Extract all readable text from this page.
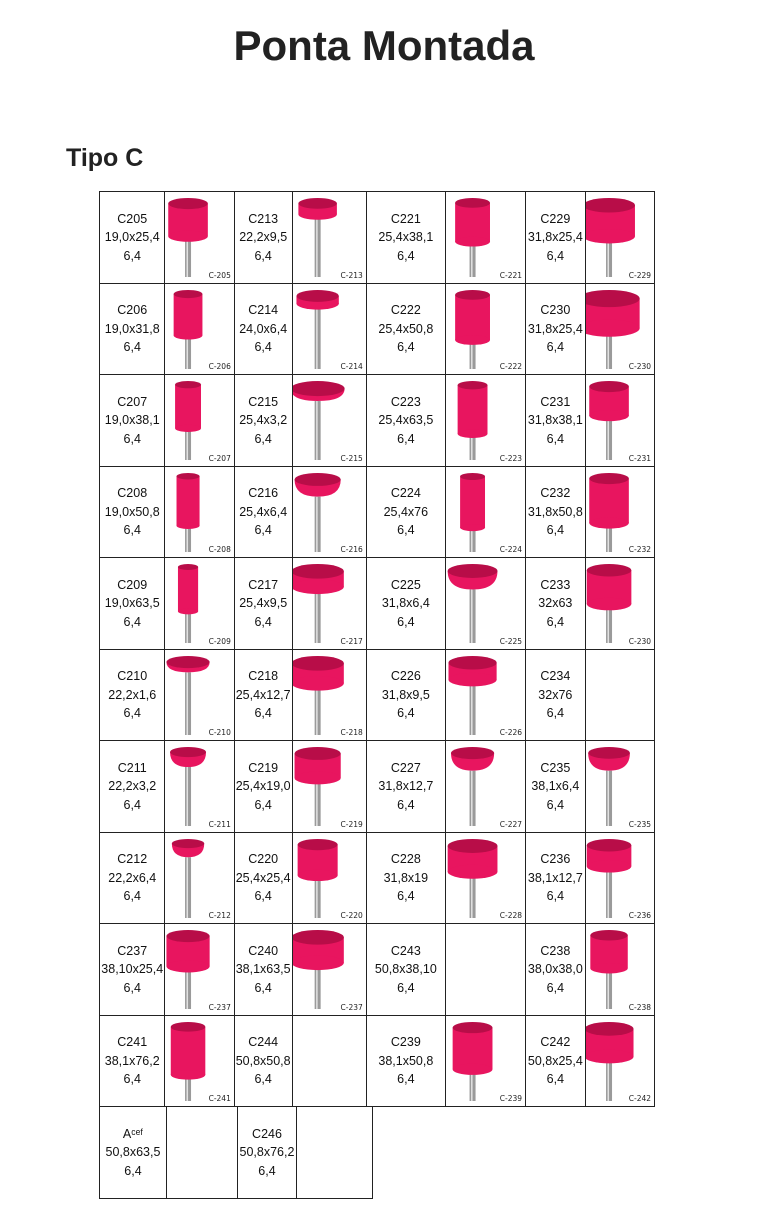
Ponta Montada
Tipo C
C205
19,0x25,4
6,4
C-205
C213
22,2x9,5
6,4
C-213
C221
25,4x38,1
6,4
C-221
C229
31,8x25,4
6,4
C-229
C206
19,0x31,8
6,4
C-206
C214
24,0x6,4
6,4
C-214
C222
25,4x50,8
6,4
C-222
C230
31,8x25,4
6,4
C-230
C207
19,0x38,1
6,4
C-207
C215
25,4x3,2
6,4
C-215
C223
25,4x63,5
6,4
C-223
C231
31,8x38,1
6,4
C-231
C208
19,0x50,8
6,4
C-208
C216
25,4x6,4
6,4
C-216
C224
25,4x76
6,4
C-224
C232
31,8x50,8
6,4
C-232
C209
19,0x63,5
6,4
C-209
C217
25,4x9,5
6,4
C-217
C225
31,8x6,4
6,4
C-225
C233
32x63
6,4
C-230
C210
22,2x1,6
6,4
C-210
C218
25,4x12,7
6,4
C-218
C226
31,8x9,5
6,4
C-226
C234
32x76
6,4
C211
22,2x3,2
6,4
C-211
C219
25,4x19,0
6,4
C-219
C227
31,8x12,7
6,4
C-227
C235
38,1x6,4
6,4
C-235
C212
22,2x6,4
6,4
C-212
C220
25,4x25,4
6,4
C-220
C228
31,8x19
6,4
C-228
C236
38,1x12,7
6,4
C-236
C237
38,10x25,4
6,4
C-237
C240
38,1x63,5
6,4
C-237
C243
50,8x38,10
6,4
C238
38,0x38,0
6,4
C-238
C241
38,1x76,2
6,4
C-241
C244
50,8x50,8
6,4
C239
38,1x50,8
6,4
C-239
C242
50,8x25,4
6,4
C-242
Aᶜᵉᶠ
50,8x63,5
6,4
C246
50,8x76,2
6,4
